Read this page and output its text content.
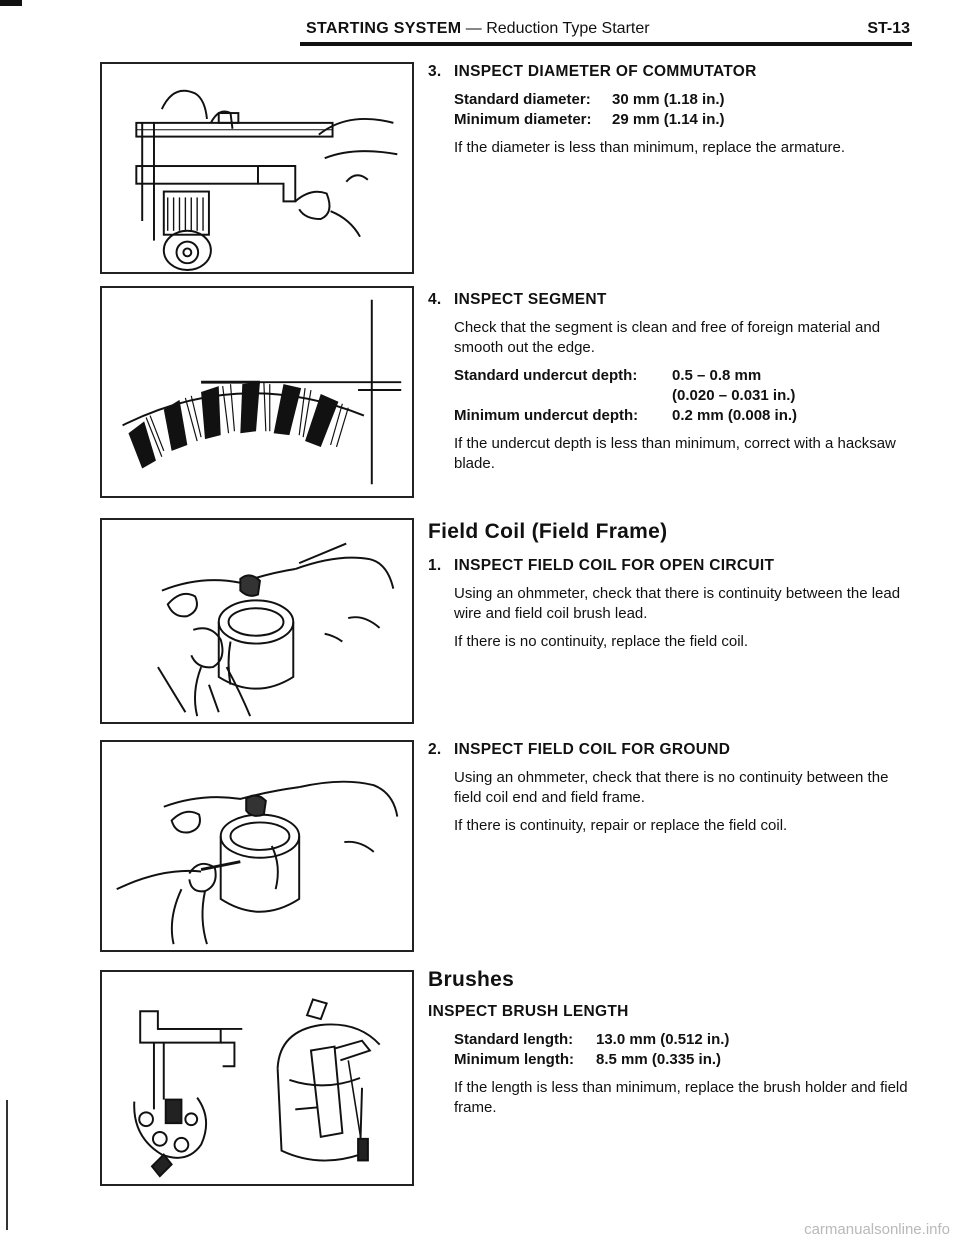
STARTING SYSTEM — Reduction Type Starter	ST-13
3. INSPECT DIAMETER OF COMMUTATOR
Standard diameter:	30 mm (1.18 in.)
Minimum diameter:	29 mm (1.14 in.)

If the diameter is less than minimum, replace the armature.

4. INSPECT SEGMENT

Check that the segment is clean and free of foreign material and smooth out the edge.

Standard undercut depth:	0.5 – 0.8 mm
(0.020 – 0.031 in.)
Minimum undercut depth:	0.2 mm (0.008 in.)

If the undercut depth is less than minimum, correct with a hacksaw blade.

Field Coil (Field Frame)
1. INSPECT FIELD COIL FOR OPEN CIRCUIT

Using an ohmmeter, check that there is continuity between the lead wire and field coil brush lead.

If there is no continuity, replace the field coil.

2. INSPECT FIELD COIL FOR GROUND

Using an ohmmeter, check that there is no continuity between the field coil end and field frame.

If there is continuity, repair or replace the field coil.

Brushes
INSPECT BRUSH LENGTH
Standard length:	13.0 mm (0.512 in.)
Minimum length:	8.5 mm (0.335 in.)

If the length is less than minimum, replace the brush holder and field frame.

carmanualsonline.info
